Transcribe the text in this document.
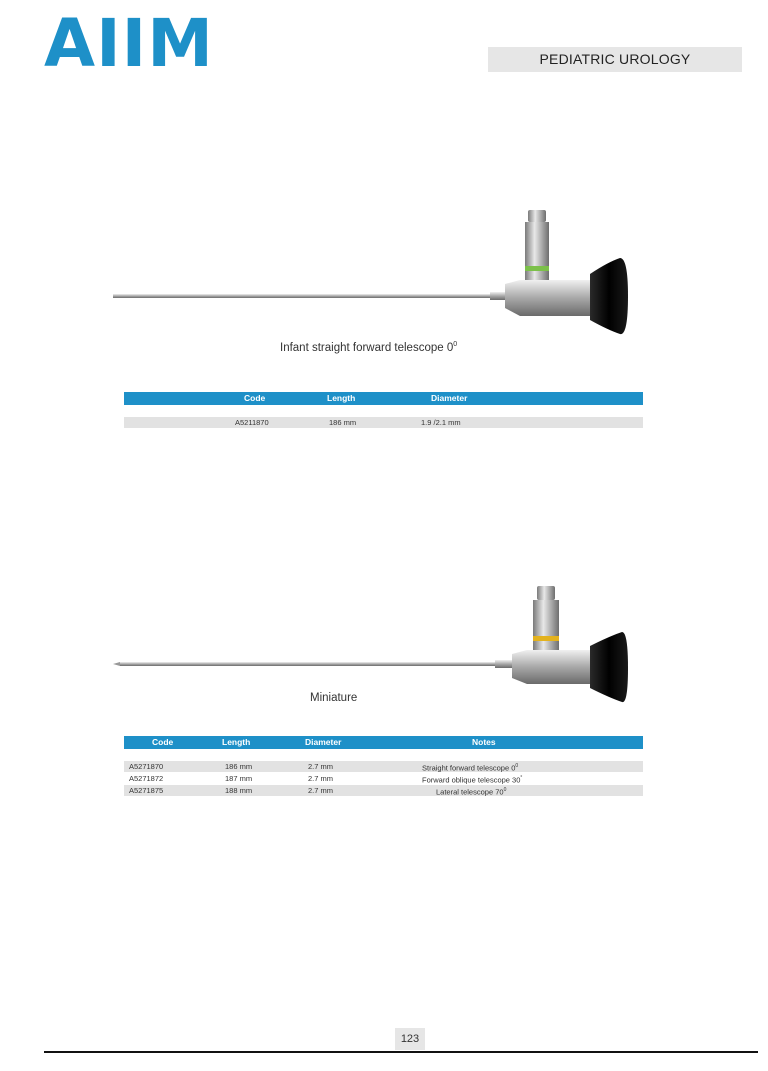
AIIM	PEDIATRIC UROLOGY
Infant straight forward telescope $0^0$
Code	Length	Diameter
A5211870	186 mm	1.9 /2.1 mm
Miniature
Code	Length	Diameter	Notes
A5271870	186 mm	2.7 mm	Straight forward telescope $0^0$
A5271872	187 mm	2.7 mm	Forward oblique telescope 30°
A5271875	188 mm	2.7 mm	Lateral telescope $70^0$
123
